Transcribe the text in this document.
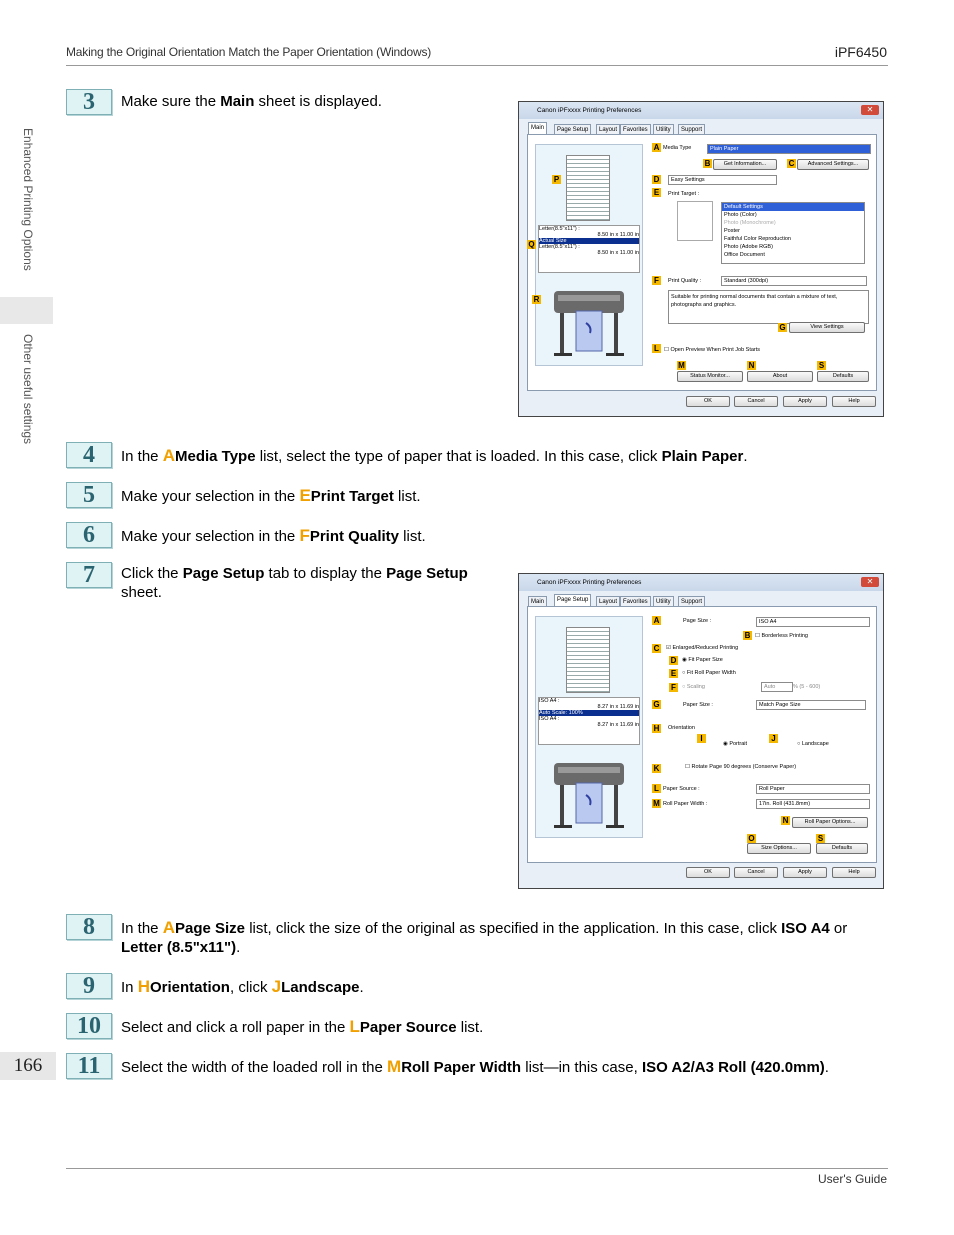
Making the Original Orientation Match the Paper Orientation (Windows)	iPF6450
Enhanced Printing Options
Other useful settings
3	Make sure the Main sheet is displayed.
Canon iPFxxxx Printing Preferences	✕
Main	Page Setup	Layout Favorites	Utility	Support
Letter(8.5"x11") :
8.50 in x 11.00 in
Actual Size
Letter(8.5"x11") :
8.50 in x 11.00 in
A Media Type	Plain Paper
B	Get Information...	C	Advanced Settings...
D	Easy Settings
E	Print Target :
Default Settings
Photo (Color)
Photo (Monochrome)
Poster
Faithful Color Reproduction
Photo (Adobe RGB)
Office Document
F	Print Quality :	Standard (300dpi)
Suitable for printing normal documents that contain a mixture of text, photographs and graphics.
G	View Settings
L ☐ Open Preview When Print Job Starts
M
Status Monitor...
N
About
S
Defaults
P
Q
R
OK	Cancel	Apply	Help
4	In the AMedia Type list, select the type of paper that is loaded. In this case, click Plain Paper.
5	Make your selection in the EPrint Target list.
6	Make your selection in the FPrint Quality list.
7	Click the Page Setup tab to display the Page Setup sheet.
Canon iPFxxxx Printing Preferences	✕
Main	Page Setup	Layout Favorites	Utility	Support
ISO A4 :
8.27 in x 11.69 in
Auto Scale: 100%
ISO A4 :
8.27 in x 11.69 in
A	Page Size :	ISO A4
B ☐ Borderless Printing
C ☑ Enlarged/Reduced Printing
D ◉ Fit Paper Size
E	○ Fit Roll Paper Width
F	○ Scaling	Auto	% (5 - 600)
G	Paper Size :	Match Page Size
H Orientation
I
◉ Portrait
J
○ Landscape
K	☐ Rotate Page 90 degrees (Conserve Paper)
L Paper Source :	Roll Paper
M Roll Paper Width :	17in. Roll (431.8mm)
N	Roll Paper Options...
O
Size Options...
S
Defaults
OK	Cancel	Apply	Help
8	In the APage Size list, click the size of the original as specified in the application. In this case, click ISO A4 or Letter (8.5"x11").
9	In HOrientation, click JLandscape.
10	Select and click a roll paper in the LPaper Source list.
11	Select the width of the loaded roll in the MRoll Paper Width list—in this case, ISO A2/A3 Roll (420.0mm).
166
User's Guide
